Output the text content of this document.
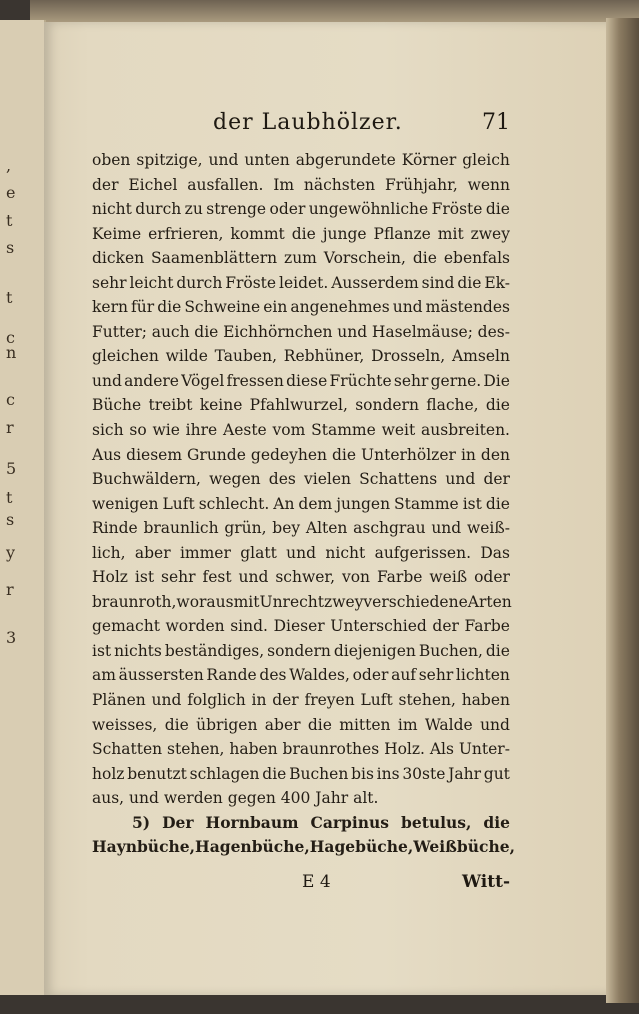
,
e
t
s
t
c
n
c
r
5
t
s
y
r
3
der Laubhölzer.	71
oben spitzige, und unten abgerundete Körner gleich
der Eichel ausfallen. Im nächsten Frühjahr, wenn
nicht durch zu strenge oder ungewöhnliche Fröste die
Keime erfrieren, kommt die junge Pflanze mit zwey
dicken Saamenblättern zum Vorschein, die ebenfals
sehr leicht durch Fröste leidet. Ausserdem sind die Ek-
kern für die Schweine ein angenehmes und mästendes
Futter; auch die Eichhörnchen und Haselmäuse; des-
gleichen wilde Tauben, Rebhüner, Drosseln, Amseln
und andere Vögel fressen diese Früchte sehr gerne. Die
Büche treibt keine Pfahlwurzel, sondern flache, die
sich so wie ihre Aeste vom Stamme weit ausbreiten.
Aus diesem Grunde gedeyhen die Unterhölzer in den
Buchwäldern, wegen des vielen Schattens und der
wenigen Luft schlecht. An dem jungen Stamme ist die
Rinde braunlich grün, bey Alten aschgrau und weiß-
lich, aber immer glatt und nicht aufgerissen. Das
Holz ist sehr fest und schwer, von Farbe weiß oder
braunroth, woraus mit Unrecht zwey verschiedene Arten
gemacht worden sind. Dieser Unterschied der Farbe
ist nichts beständiges, sondern diejenigen Buchen, die
am äussersten Rande des Waldes, oder auf sehr lichten
Plänen und folglich in der freyen Luft stehen, haben
weisses, die übrigen aber die mitten im Walde und
Schatten stehen, haben braunrothes Holz. Als Unter-
holz benutzt schlagen die Buchen bis ins 30ste Jahr gut
aus, und werden gegen 400 Jahr alt.
5) Der Hornbaum Carpinus betulus, die
Haynbüche, Hagenbüche, Hagebüche, Weißbüche,
E 4	Witt-
